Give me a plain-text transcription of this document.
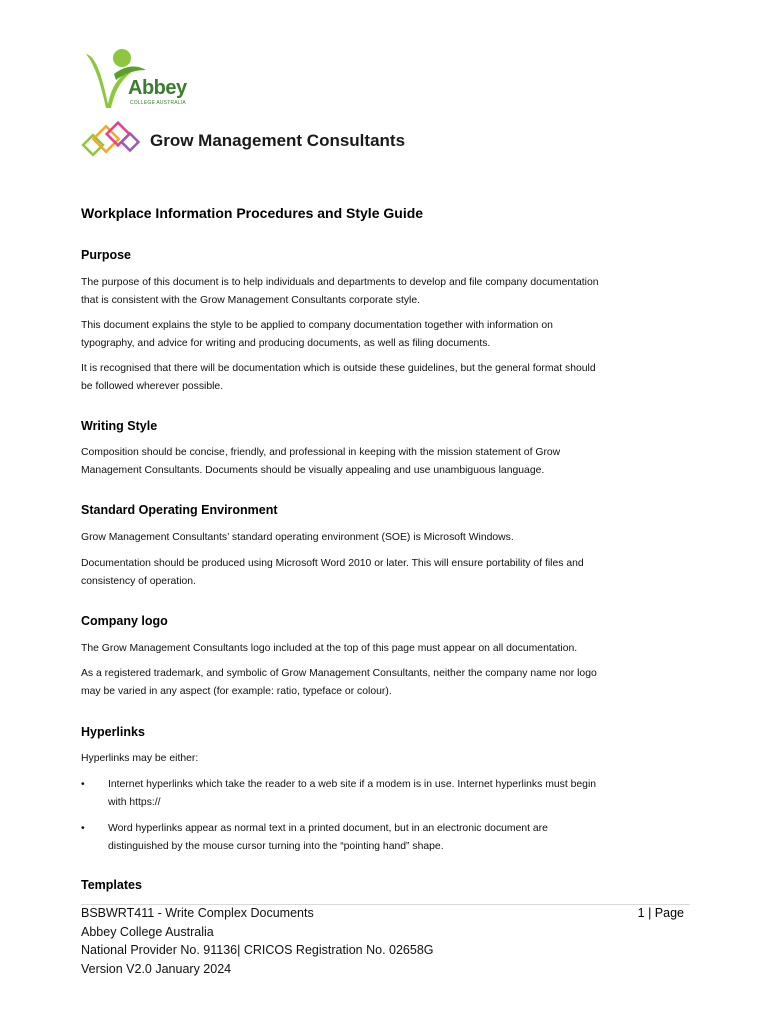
Abbey
COLLEGE AUSTRALIA
Grow Management Consultants
Workplace Information Procedures and Style Guide
Purpose
The purpose of this document is to help individuals and departments to develop and file company documentation
that is consistent with the Grow Management Consultants corporate style.
This document explains the style to be applied to company documentation together with information on
typography, and advice for writing and producing documents, as well as filing documents.
It is recognised that there will be documentation which is outside these guidelines, but the general format should
be followed wherever possible.
Writing Style
Composition should be concise, friendly, and professional in keeping with the mission statement of Grow
Management Consultants. Documents should be visually appealing and use unambiguous language.
Standard Operating Environment
Grow Management Consultants’ standard operating environment (SOE) is Microsoft Windows.
Documentation should be produced using Microsoft Word 2010 or later. This will ensure portability of files and
consistency of operation.
Company logo
The Grow Management Consultants logo included at the top of this page must appear on all documentation.
As a registered trademark, and symbolic of Grow Management Consultants, neither the company name nor logo
may be varied in any aspect (for example: ratio, typeface or colour).
Hyperlinks
Hyperlinks may be either:
•	Internet hyperlinks which take the reader to a web site if a modem is in use. Internet hyperlinks must begin
with https://
•	Word hyperlinks appear as normal text in a printed document, but in an electronic document are
distinguished by the mouse cursor turning into the “pointing hand” shape.
Templates
BSBWRT411 - Write Complex Documents	1 | Page
Abbey College Australia
National Provider No. 91136| CRICOS Registration No. 02658G
Version V2.0 January 2024
